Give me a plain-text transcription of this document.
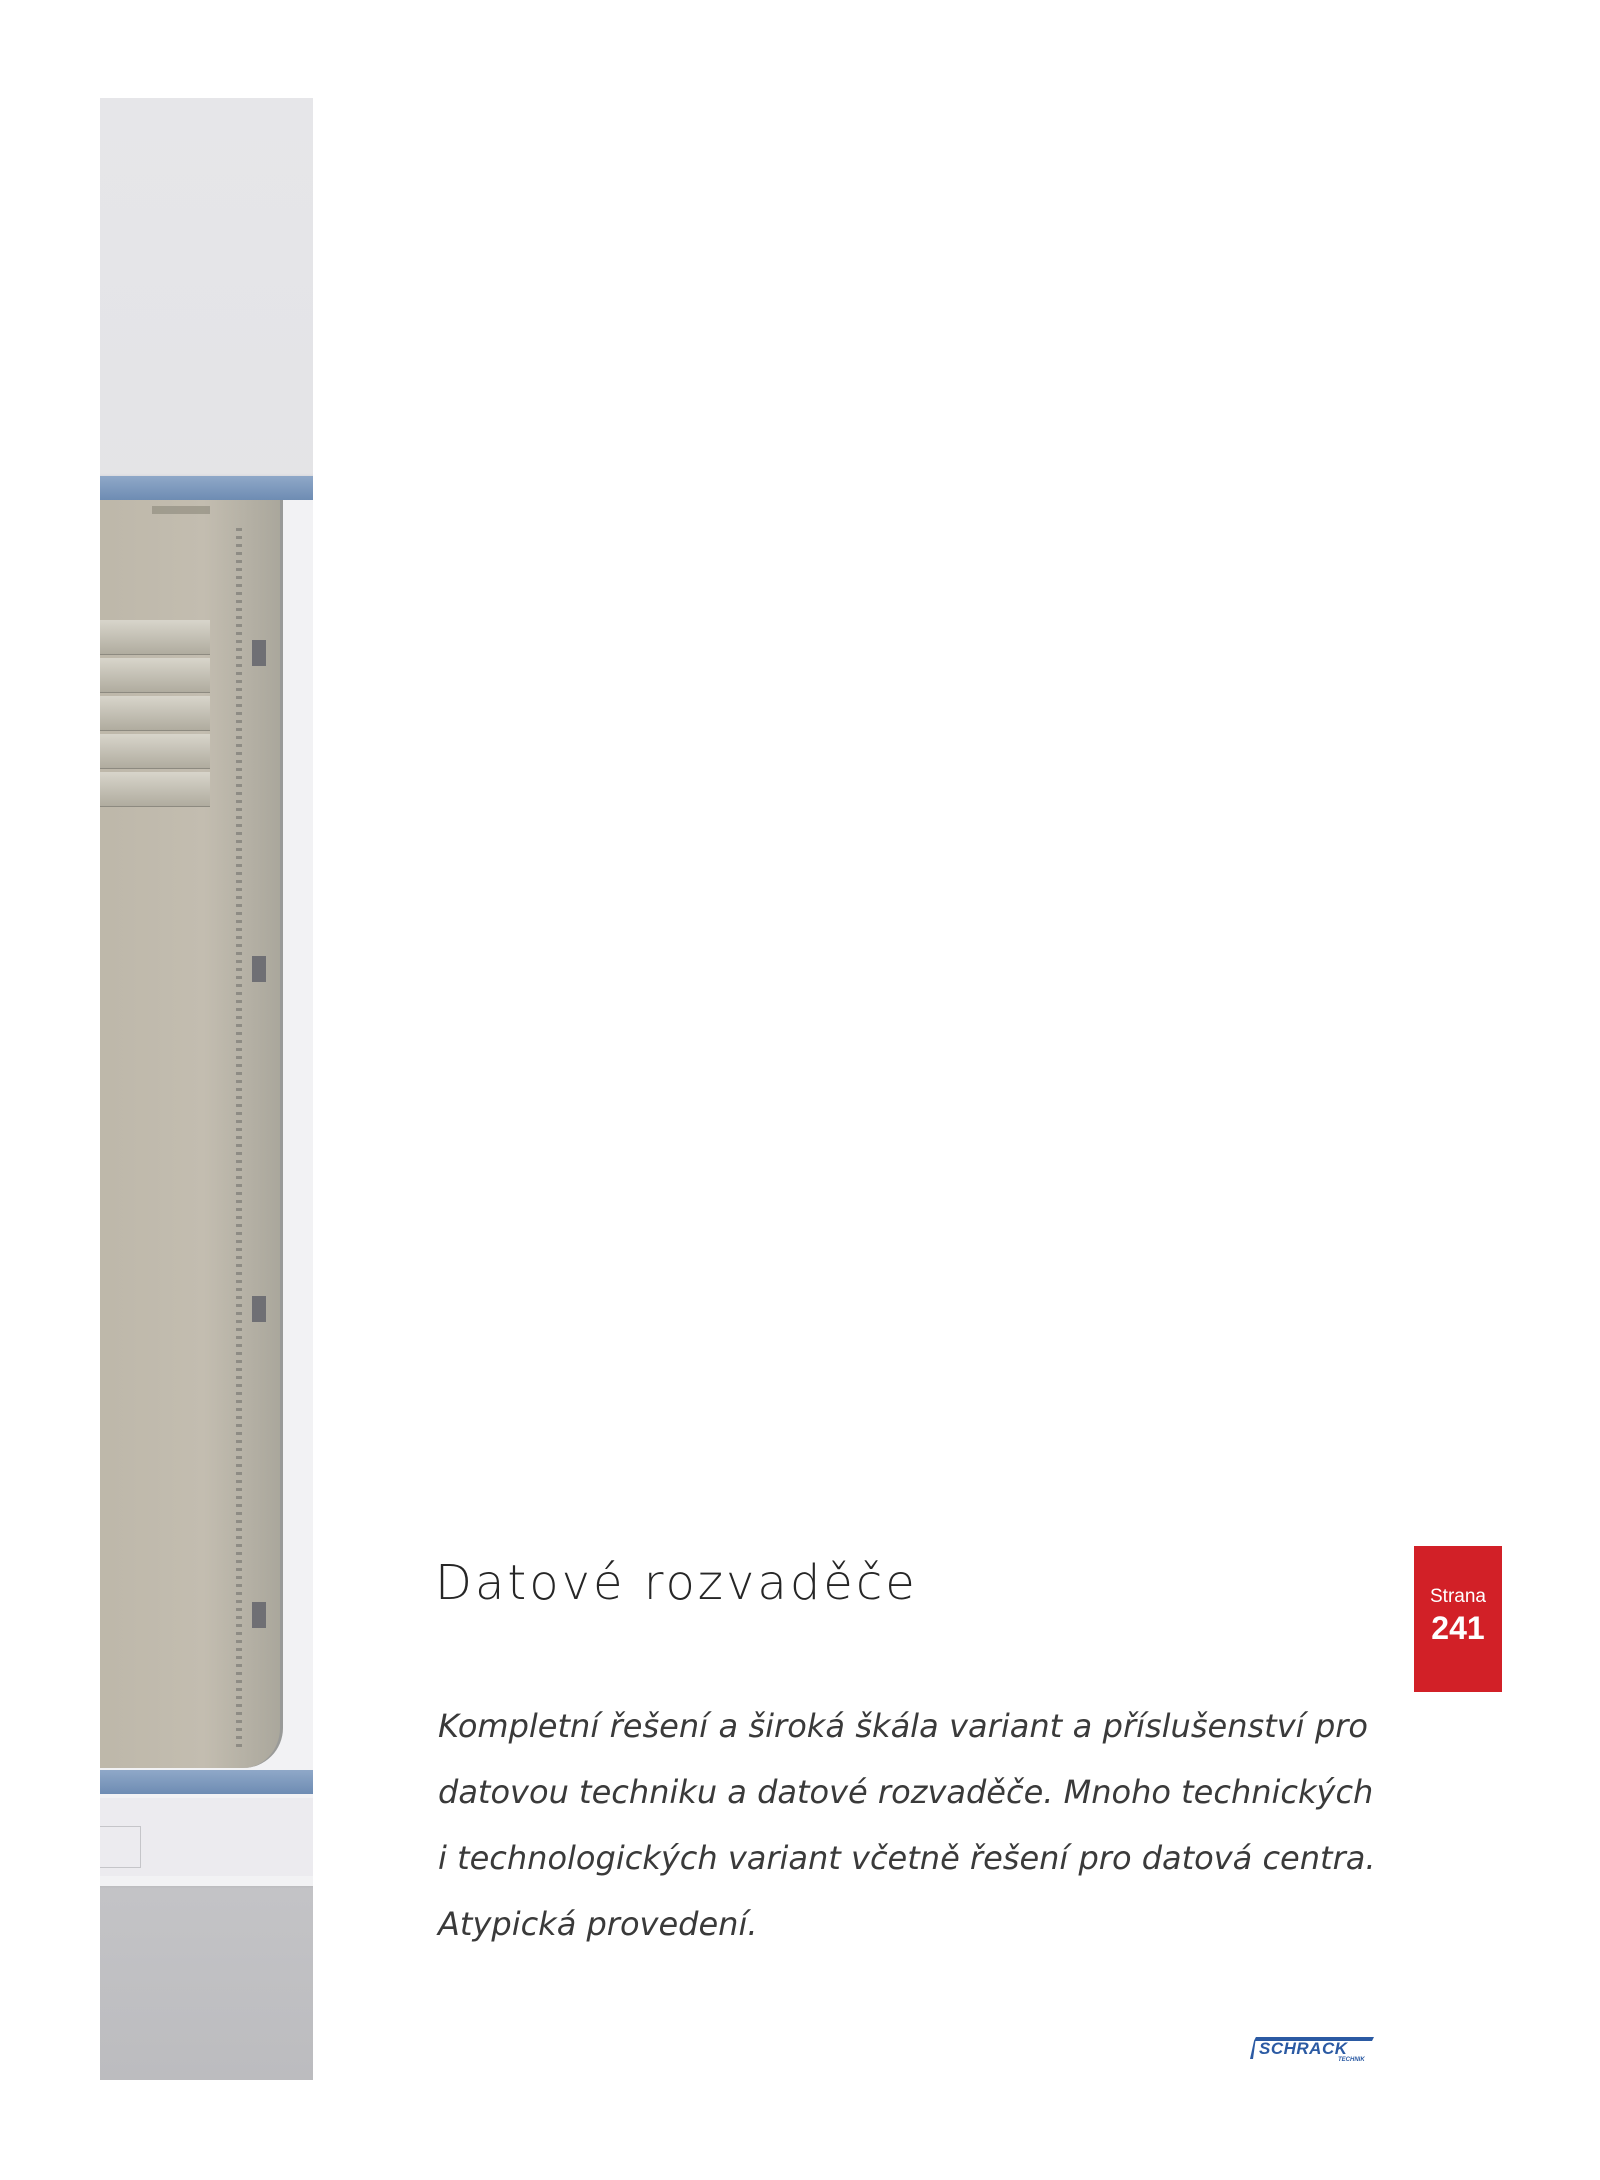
Datové rozvaděče
Kompletní řešení a široká škála variant a příslušenství pro
datovou techniku a datové rozvaděče. Mnoho technických
i technologických variant včetně řešení pro datová centra.
Atypická provedení.
Strana
241
SCHRACK
TECHNIK
